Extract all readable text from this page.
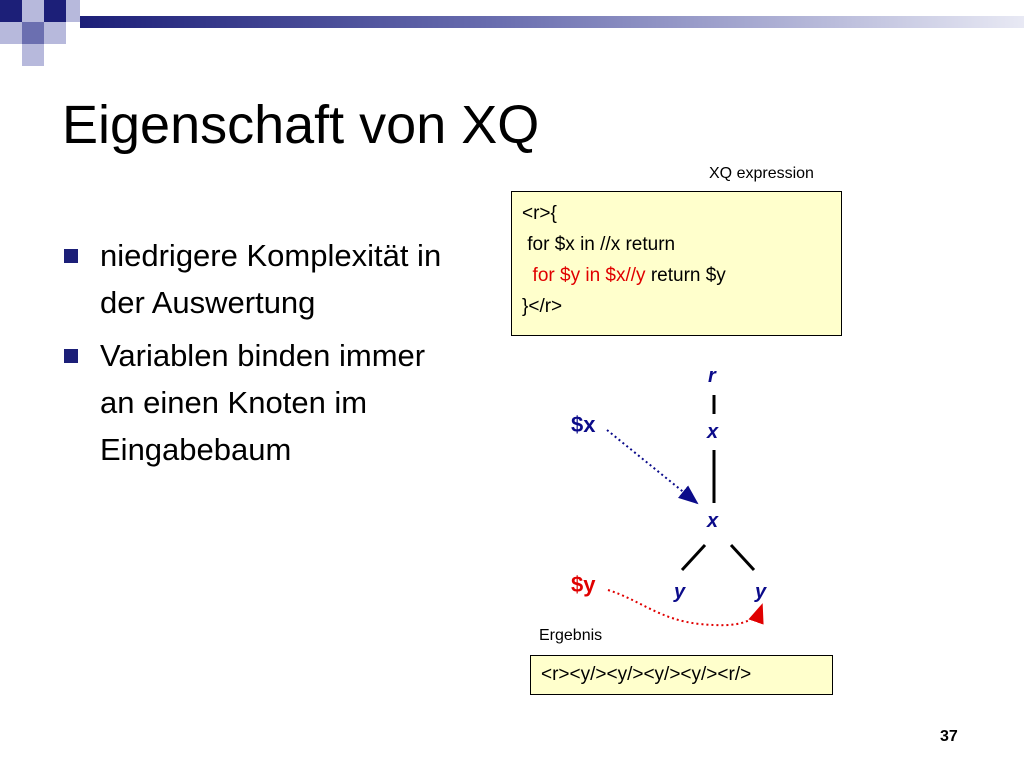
Eigenschaft von XQ
niedrigere Komplexität in der Auswertung
Variablen binden immer an einen Knoten im Eingabebaum
XQ expression
<r>{
for $x in //x return
for $y in $x//y return $y
}</r>
r
x
x
y	y
$x
$y
Ergebnis
<r><y/><y/><y/><y/><r/>
37
